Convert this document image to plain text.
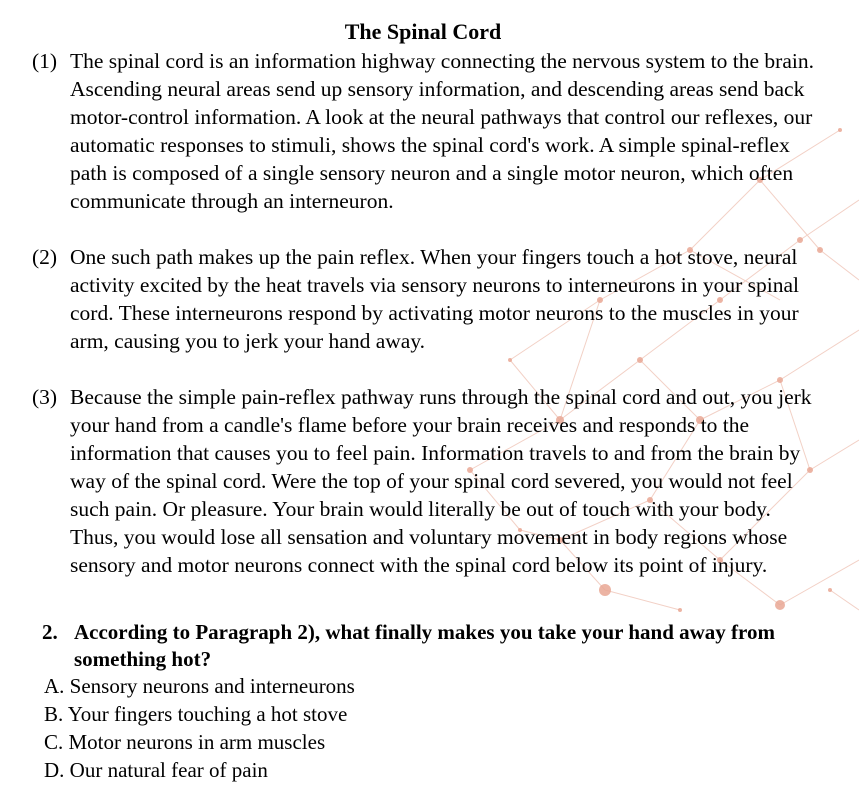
The Spinal Cord
(1) The spinal cord is an information highway connecting the nervous system to the brain. Ascending neural areas send up sensory information, and descending areas send back motor-control information. A look at the neural pathways that control our reflexes, our automatic responses to stimuli, shows the spinal cord's work. A simple spinal-reflex path is composed of a single sensory neuron and a single motor neuron, which often communicate through an interneuron.
(2) One such path makes up the pain reflex. When your fingers touch a hot stove, neural activity excited by the heat travels via sensory neurons to interneurons in your spinal cord. These interneurons respond by activating motor neurons to the muscles in your arm, causing you to jerk your hand away.
(3) Because the simple pain-reflex pathway runs through the spinal cord and out, you jerk your hand from a candle's flame before your brain receives and responds to the information that causes you to feel pain. Information travels to and from the brain by way of the spinal cord. Were the top of your spinal cord severed, you would not feel such pain. Or pleasure. Your brain would literally be out of touch with your body. Thus, you would lose all sensation and voluntary movement in body regions whose sensory and motor neurons connect with the spinal cord below its point of injury.
2. According to Paragraph 2), what finally makes you take your hand away from something hot?
A. Sensory neurons and interneurons
B. Your fingers touching a hot stove
C. Motor neurons in arm muscles
D. Our natural fear of pain
